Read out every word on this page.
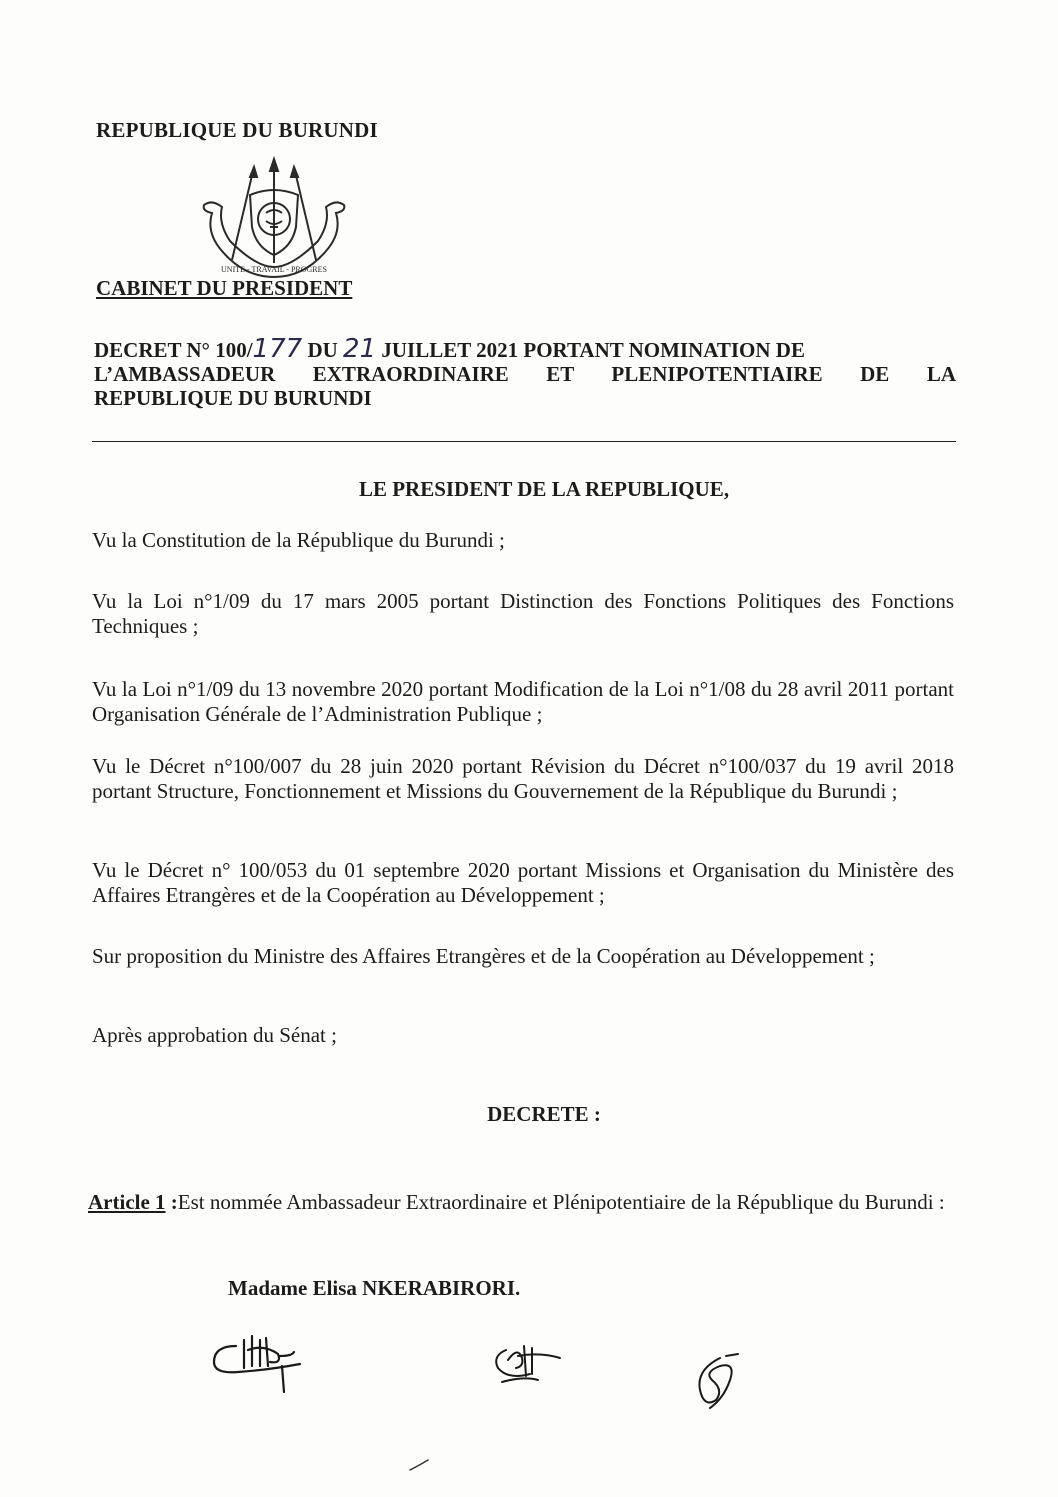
REPUBLIQUE DU BURUNDI
UNITE - TRAVAIL - PROGRES
CABINET DU PRESIDENT
DECRET N° 100/177 DU 21 JUILLET 2021 PORTANT NOMINATION DE
L’AMBASSADEUR EXTRAORDINAIRE ET PLENIPOTENTIAIRE DE LA
REPUBLIQUE DU BURUNDI
LE PRESIDENT DE LA REPUBLIQUE,
Vu la Constitution de la République du Burundi ;
Vu la Loi n°1/09 du 17 mars 2005 portant Distinction des Fonctions Politiques des Fonctions Techniques ;
Vu la Loi n°1/09 du 13 novembre 2020 portant Modification de la Loi n°1/08 du 28 avril 2011 portant Organisation Générale de l’Administration Publique ;
Vu le Décret n°100/007 du 28 juin 2020 portant Révision du Décret n°100/037 du 19 avril 2018 portant Structure, Fonctionnement et Missions du Gouvernement de la République du Burundi ;
Vu le Décret n° 100/053 du 01 septembre 2020 portant Missions et Organisation du Ministère des Affaires Etrangères et de la Coopération au Développement ;
Sur proposition du Ministre des Affaires Etrangères et de la Coopération au Développement ;
Après approbation du Sénat ;
DECRETE :
Article 1 : Est nommée Ambassadeur Extraordinaire et Plénipotentiaire de la République du Burundi :
Madame Elisa NKERABIRORI.
